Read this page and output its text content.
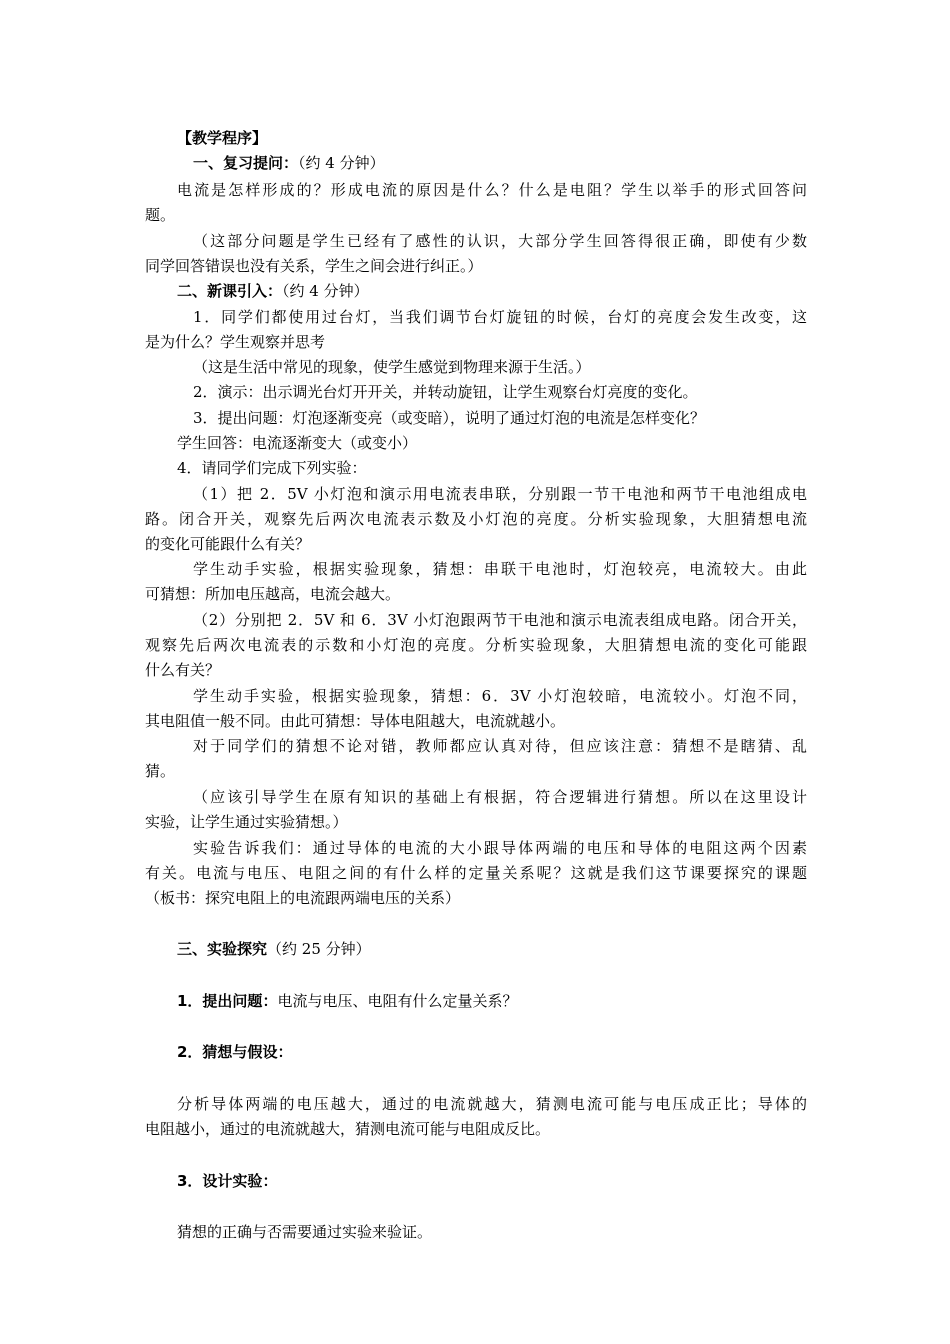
【教学程序】
一、复习提问：（约 4 分钟）
电流是怎样形成的？形成电流的原因是什么？什么是电阻？学生以举手的形式回答问
题。
（这部分问题是学生已经有了感性的认识，大部分学生回答得很正确，即使有少数
同学回答错误也没有关系，学生之间会进行纠正。）
二、新课引入：（约 4 分钟）
1．同学们都使用过台灯，当我们调节台灯旋钮的时候，台灯的亮度会发生改变，这
是为什么？学生观察并思考
（这是生活中常见的现象，使学生感觉到物理来源于生活。）
2．演示：出示调光台灯开开关，并转动旋钮，让学生观察台灯亮度的变化。
3．提出问题：灯泡逐渐变亮（或变暗），说明了通过灯泡的电流是怎样变化？
学生回答：电流逐渐变大（或变小）
4．请同学们完成下列实验：
（1）把 2．5V 小灯泡和演示用电流表串联，分别跟一节干电池和两节干电池组成电
路。闭合开关，观察先后两次电流表示数及小灯泡的亮度。分析实验现象，大胆猜想电流
的变化可能跟什么有关？
学生动手实验，根据实验现象，猜想：串联干电池时，灯泡较亮，电流较大。由此
可猜想：所加电压越高，电流会越大。
（2）分别把 2．5V 和 6．3V 小灯泡跟两节干电池和演示电流表组成电路。闭合开关，
观察先后两次电流表的示数和小灯泡的亮度。分析实验现象，大胆猜想电流的变化可能跟
什么有关？
学生动手实验，根据实验现象，猜想：6．3V 小灯泡较暗，电流较小。灯泡不同，
其电阻值一般不同。由此可猜想：导体电阻越大，电流就越小。
对于同学们的猜想不论对错，教师都应认真对待，但应该注意：猜想不是瞎猜、乱
猜。
（应该引导学生在原有知识的基础上有根据，符合逻辑进行猜想。所以在这里设计
实验，让学生通过实验猜想。）
实验告诉我们：通过导体的电流的大小跟导体两端的电压和导体的电阻这两个因素
有关。电流与电压、电阻之间的有什么样的定量关系呢？这就是我们这节课要探究的课题
（板书：探究电阻上的电流跟两端电压的关系）
三、实验探究（约 25 分钟）
1．提出问题：电流与电压、电阻有什么定量关系？
2．猜想与假设：
分析导体两端的电压越大，通过的电流就越大，猜测电流可能与电压成正比；导体的
电阻越小，通过的电流就越大，猜测电流可能与电阻成反比。
3．设计实验：
猜想的正确与否需要通过实验来验证。
